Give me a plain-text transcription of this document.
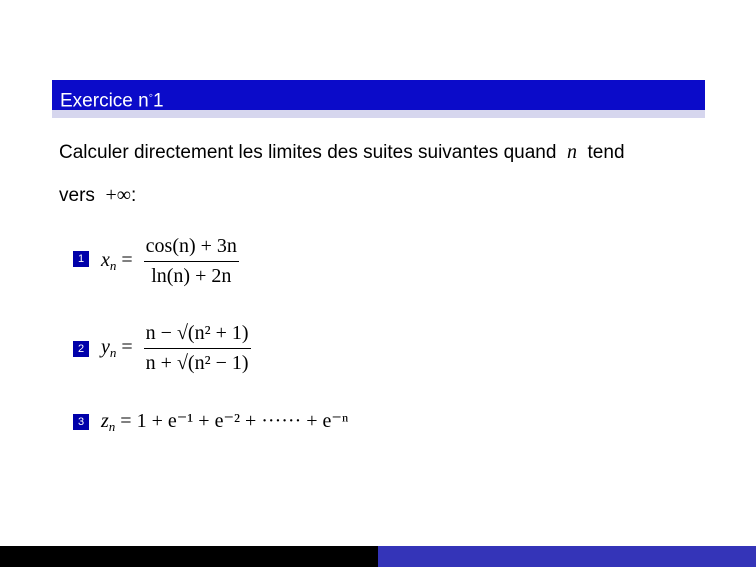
Exercice n◦1
Calculer directement les limites des suites suivantes quand n tend
vers +∞:
1 $x_n = \frac{\cos(n) + 3n}{\ln(n) + 2n}$
2 $y_n = \frac{\text{n − √(n² + 1)}}{\text{n + √(n² − 1)}}$
3 $z_n = 1 + e^{-1} + e^{-2}$ + ······ + e⁻ⁿ
